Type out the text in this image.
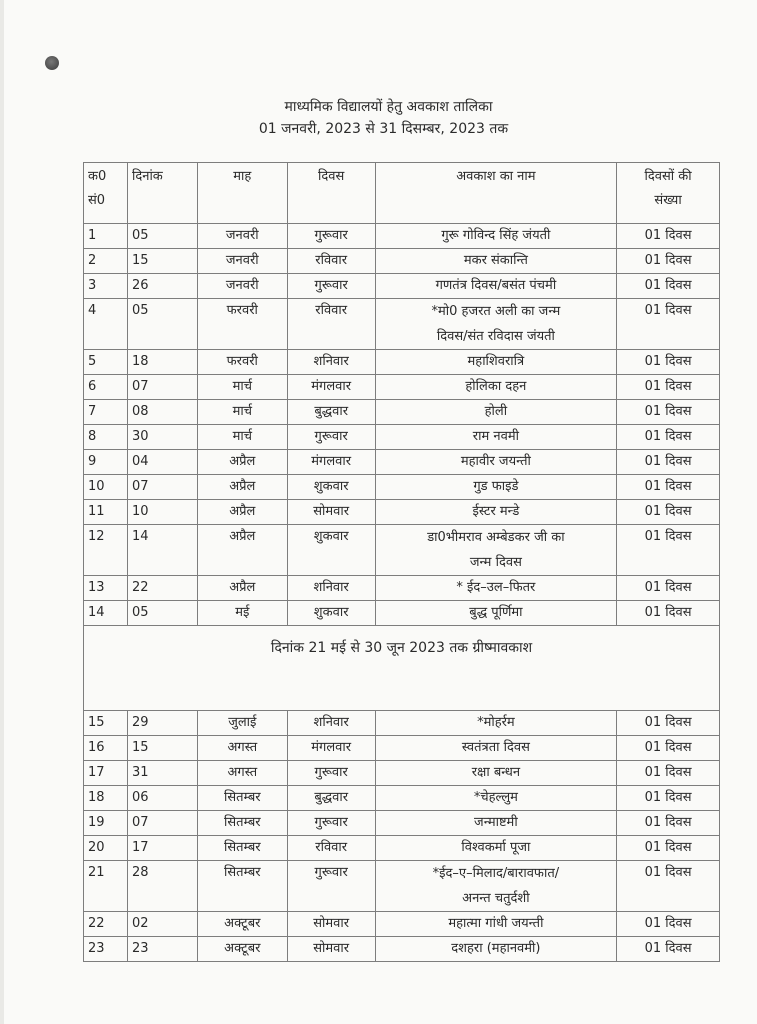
माध्यमिक विद्यालयों हेतु अवकाश तालिका
01 जनवरी, 2023 से 31 दिसम्बर, 2023 तक
क0
सं0	दिनांक	माह	दिवस	अवकाश का नाम	दिवसों की
संख्या

1	05	जनवरी	गुरूवार	गुरू गोविन्द सिंह जंयती	01 दिवस
2	15	जनवरी	रविवार	मकर संकान्ति	01 दिवस
3	26	जनवरी	गुरूवार	गणतंत्र दिवस/बसंत पंचमी	01 दिवस
4	05	फरवरी	रविवार	*मो0 हजरत अली का जन्म
दिवस/संत रविदास जंयती	01 दिवस
5	18	फरवरी	शनिवार	महाशिवरात्रि	01 दिवस
6	07	मार्च	मंगलवार	होलिका दहन	01 दिवस
7	08	मार्च	बुद्धवार	होली	01 दिवस
8	30	मार्च	गुरूवार	राम नवमी	01 दिवस
9	04	अप्रैल	मंगलवार	महावीर जयन्ती	01 दिवस
10	07	अप्रैल	शुकवार	गुड फाइडे	01 दिवस
11	10	अप्रैल	सोमवार	ईस्टर मन्डे	01 दिवस
12	14	अप्रैल	शुकवार	डा0भीमराव अम्बेडकर जी का
जन्म दिवस	01 दिवस
13	22	अप्रैल	शनिवार	* ईद–उल–फितर	01 दिवस
14	05	मई	शुकवार	बुद्ध पूर्णिमा	01 दिवस
दिनांक 21 मई से 30 जून 2023 तक ग्रीष्मावकाश					
15	29	जुलाई	शनिवार	*मोहर्रम	01 दिवस
16	15	अगस्त	मंगलवार	स्वतंत्रता दिवस	01 दिवस
17	31	अगस्त	गुरूवार	रक्षा बन्धन	01 दिवस
18	06	सितम्बर	बुद्धवार	*चेहल्लुम	01 दिवस
19	07	सितम्बर	गुरूवार	जन्माष्टमी	01 दिवस
20	17	सितम्बर	रविवार	विश्वकर्मा पूजा	01 दिवस
21	28	सितम्बर	गुरूवार	*ईद–ए–मिलाद/बारावफात/
अनन्त चतुर्दशी	01 दिवस
22	02	अक्टूबर	सोमवार	महात्मा गांधी जयन्ती	01 दिवस
23	23	अक्टूबर	सोमवार	दशहरा (महानवमी)	01 दिवस
